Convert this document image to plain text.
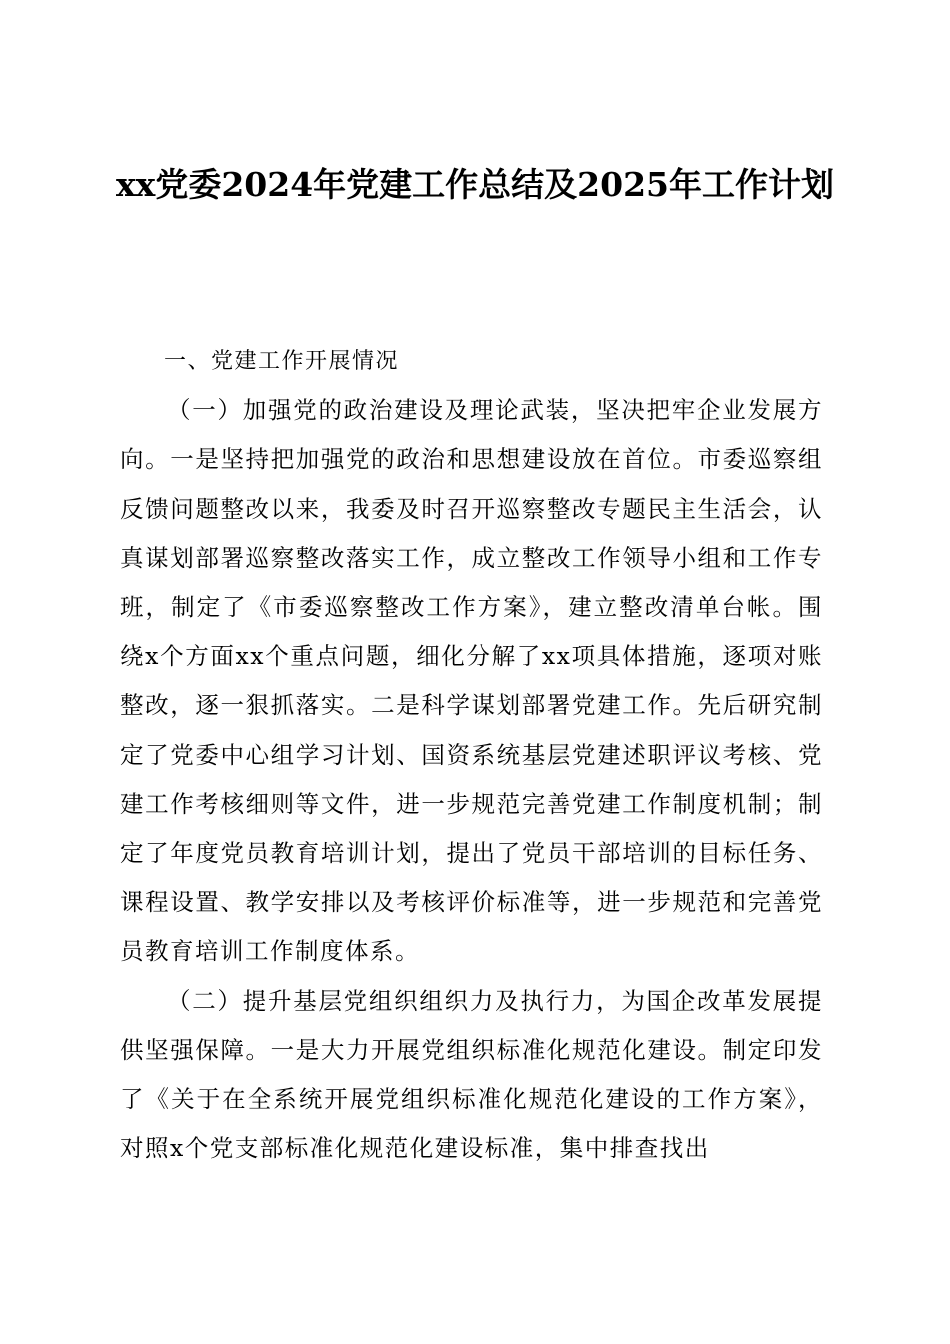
xx党委2024年党建工作总结及2025年工作计划
一、党建工作开展情况

（一）加强党的政治建设及理论武装，坚决把牢企业发展方向。一是坚持把加强党的政治和思想建设放在首位。市委巡察组反馈问题整改以来，我委及时召开巡察整改专题民主生活会，认真谋划部署巡察整改落实工作，成立整改工作领导小组和工作专班，制定了《市委巡察整改工作方案》，建立整改清单台帐。围绕x个方面xx个重点问题，细化分解了xx项具体措施，逐项对账整改，逐一狠抓落实。二是科学谋划部署党建工作。先后研究制定了党委中心组学习计划、国资系统基层党建述职评议考核、党建工作考核细则等文件，进一步规范完善党建工作制度机制；制定了年度党员教育培训计划，提出了党员干部培训的目标任务、课程设置、教学安排以及考核评价标准等，进一步规范和完善党员教育培训工作制度体系。

（二）提升基层党组织组织力及执行力，为国企改革发展提供坚强保障。一是大力开展党组织标准化规范化建设。制定印发了《关于在全系统开展党组织标准化规范化建设的工作方案》，对照x个党支部标准化规范化建设标准，集中排查找出
